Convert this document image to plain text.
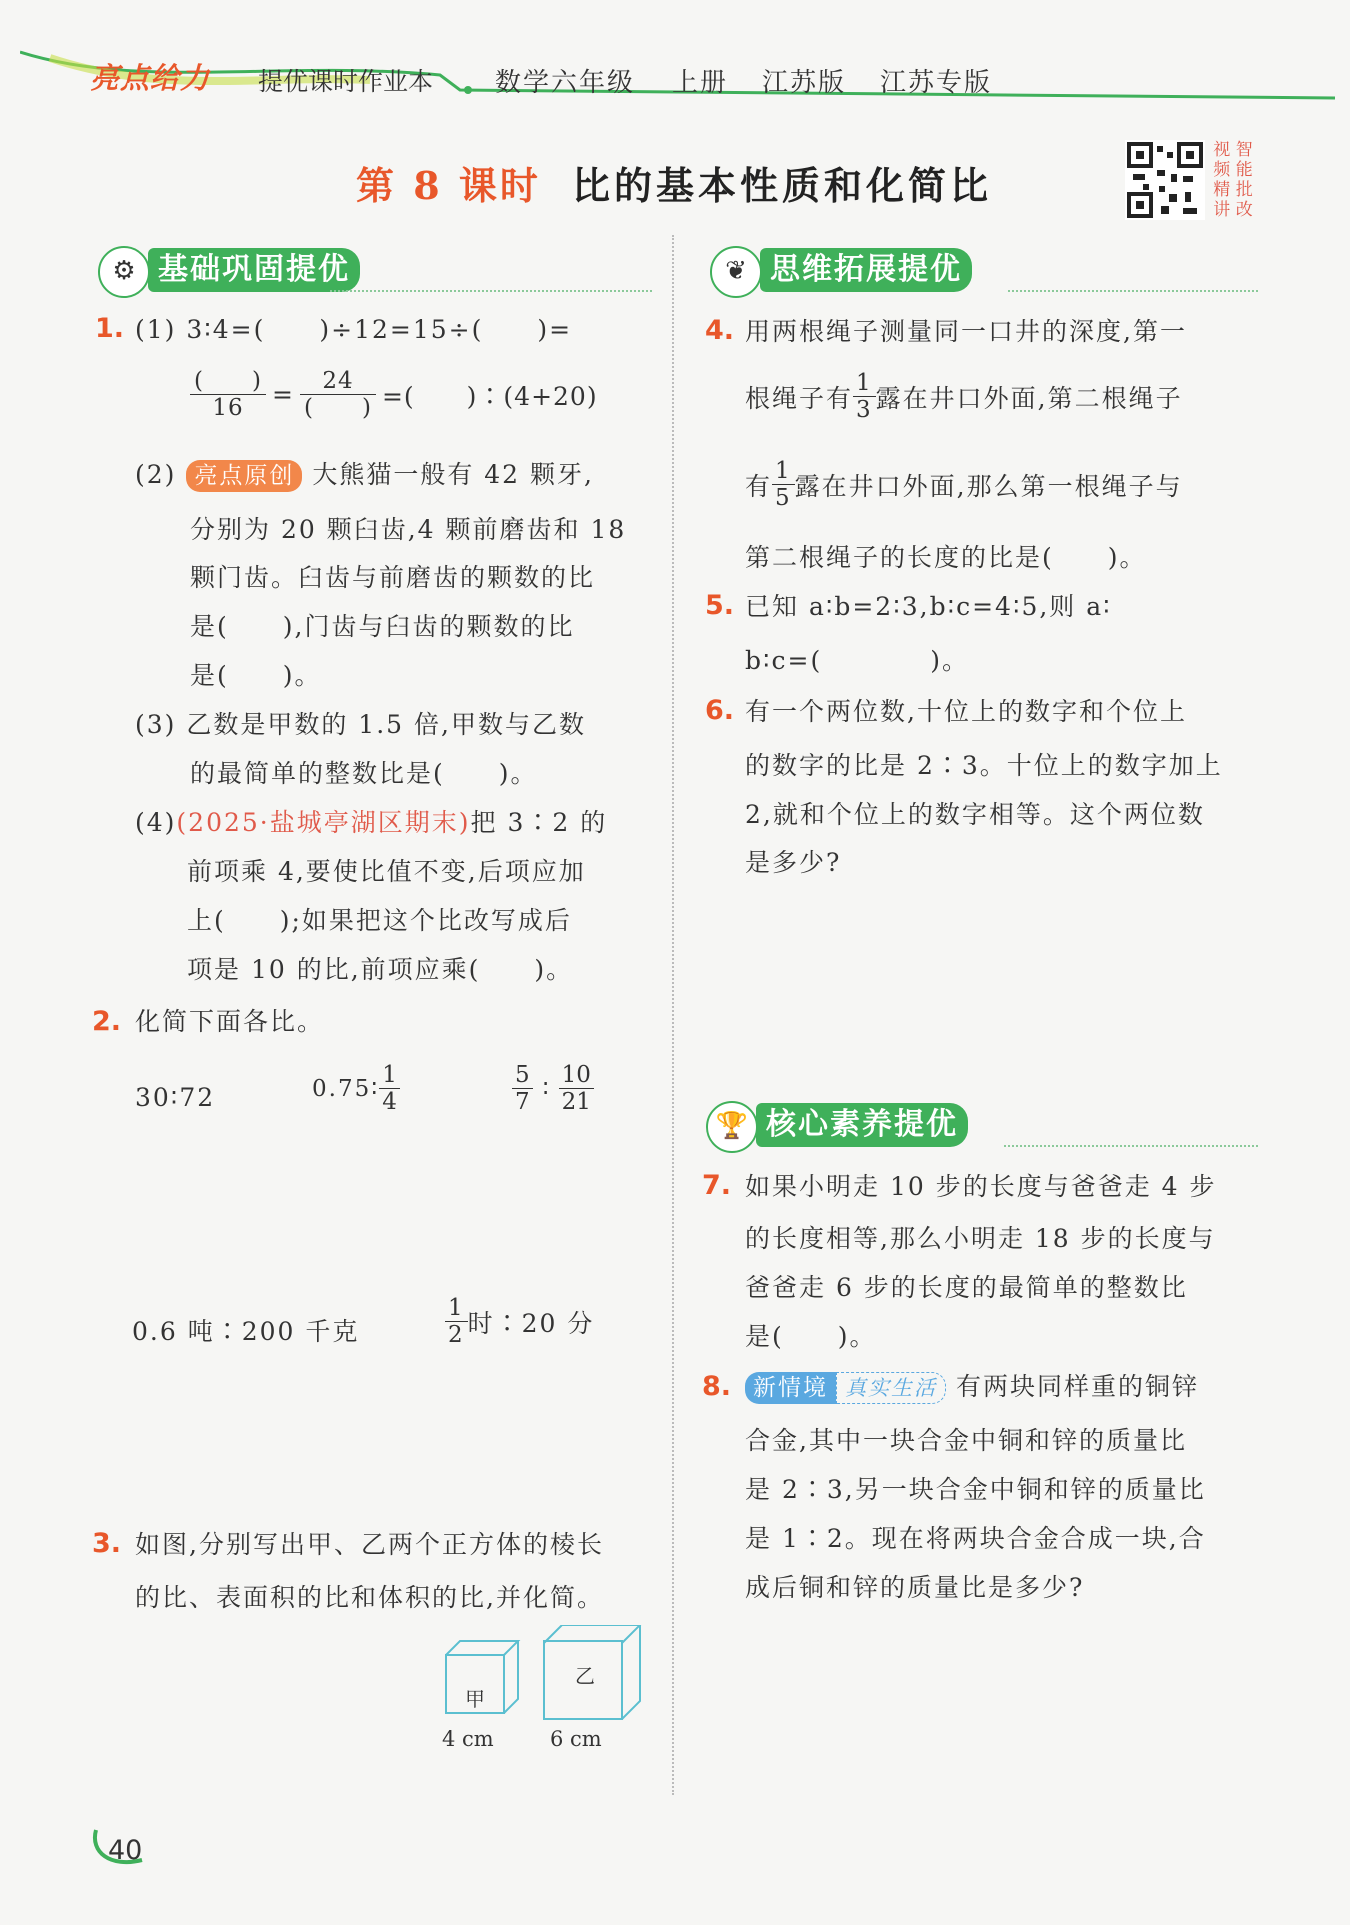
亮点给力 提优课时作业本 数学六年级 上册 江苏版 江苏专版
第 8 课时 比的基本性质和化简比
视 智 频 能 精 批 讲 改
⚙ 基础巩固提优
1. (1) 3∶4=(　　)÷12=15÷(　　)=
$\frac{( )}{16} = \frac{24}{( )}$ =(　　)∶(4+20)
(2) 亮点原创 大熊猫一般有 42 颗牙,
分别为 20 颗臼齿,4 颗前磨齿和 18
颗门齿。臼齿与前磨齿的颗数的比
是(　　),门齿与臼齿的颗数的比
是(　　)。
(3) 乙数是甲数的 1.5 倍,甲数与乙数
的最简单的整数比是(　　)。
(4)(2025·盐城亭湖区期末)把 3∶2 的
前项乘 4,要使比值不变,后项应加
上(　　);如果把这个比改写成后
项是 10 的比,前项应乘(　　)。
2. 化简下面各比。
30∶72	0.75∶ $\frac{1}{4}$	$\frac{5}{7}$ ∶ $\frac{10}{21}$
0.6 吨∶200 千克	$\frac{1}{2}$ 时∶20 分
3. 如图,分别写出甲、乙两个正方体的棱长
的比、表面积的比和体积的比,并化简。
甲
4 cm
乙
6 cm
❦ 思维拓展提优
4. 用两根绳子测量同一口井的深度,第一
根绳子有 $\frac{1}{3}$ 露在井口外面,第二根绳子
有 $\frac{1}{5}$ 露在井口外面,那么第一根绳子与
第二根绳子的长度的比是(　　)。
5. 已知 a∶b=2∶3,b∶c=4∶5,则 a∶
b∶c=(　　　　)。
6. 有一个两位数,十位上的数字和个位上
的数字的比是 2∶3。十位上的数字加上
2,就和个位上的数字相等。这个两位数
是多少?
🏆 核心素养提优
7. 如果小明走 10 步的长度与爸爸走 4 步
的长度相等,那么小明走 18 步的长度与
爸爸走 6 步的长度的最简单的整数比
是(　　)。
8. 新情境 真实生活 有两块同样重的铜锌
合金,其中一块合金中铜和锌的质量比
是 2∶3,另一块合金中铜和锌的质量比
是 1∶2。现在将两块合金合成一块,合
成后铜和锌的质量比是多少?
40
